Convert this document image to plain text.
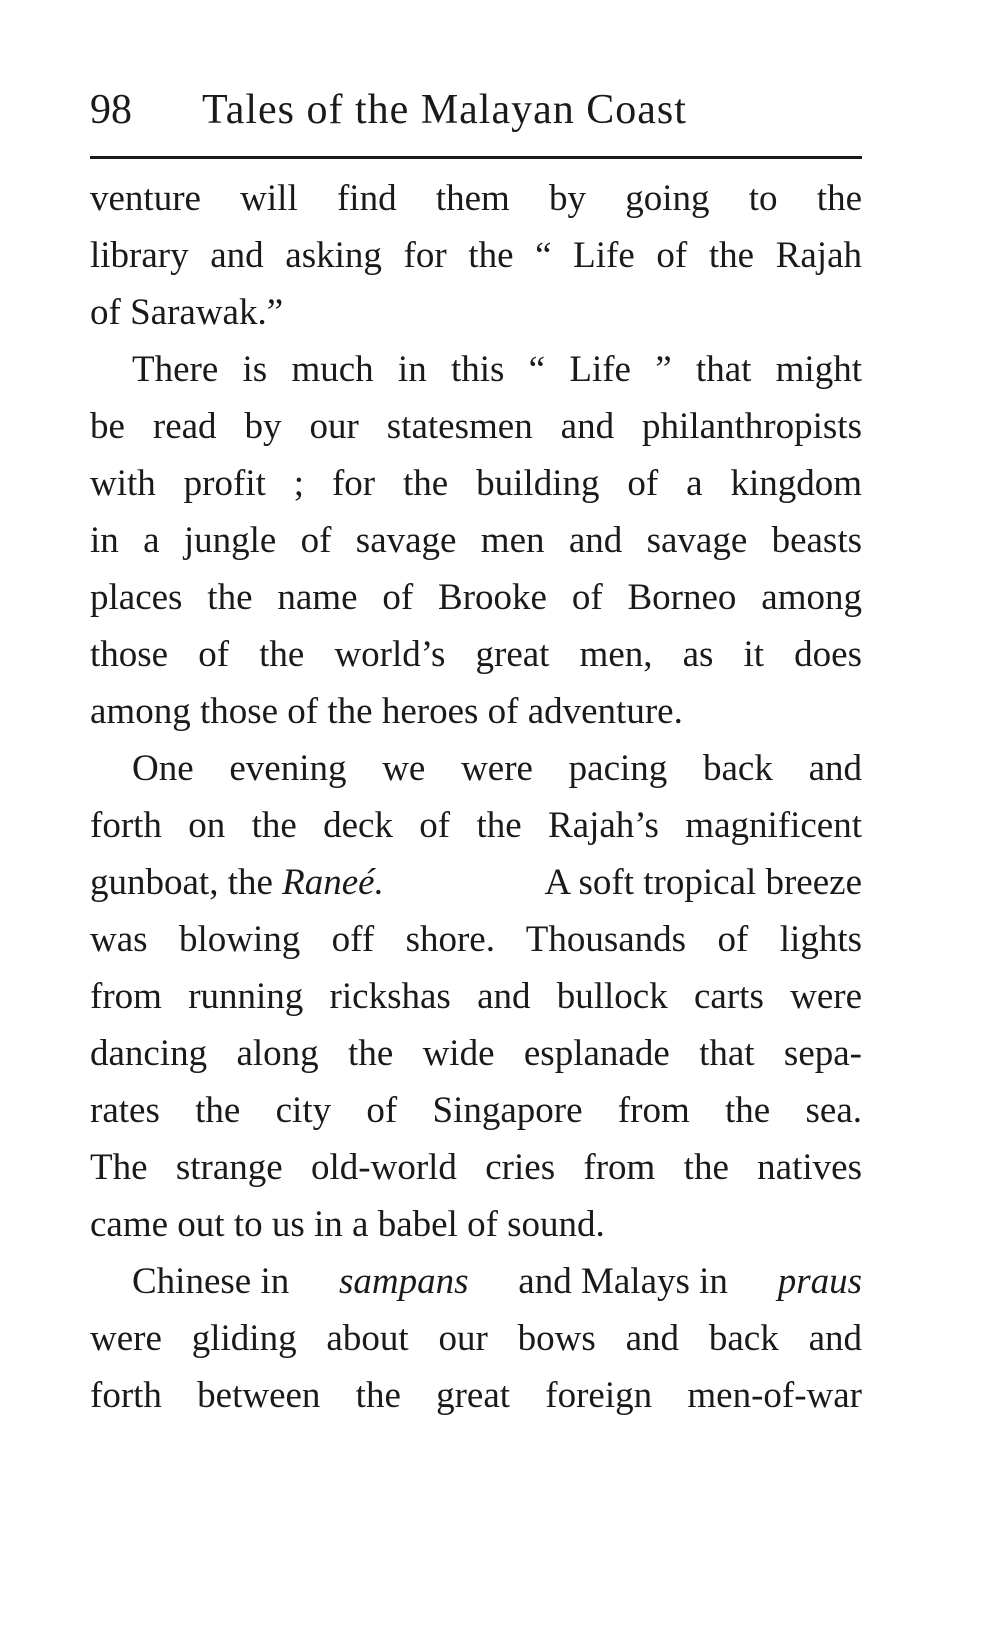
98 Tales of the Malayan Coast
venture will find them by going to the
library and asking for the “ Life of the Rajah
of Sarawak.”
There is much in this “ Life ” that might
be read by our statesmen and philanthropists
with profit ; for the building of a kingdom
in a jungle of savage men and savage beasts
places the name of Brooke of Borneo among
those of the world’s great men, as it does
among those of the heroes of adventure.
One evening we were pacing back and
forth on the deck of the Rajah’s magnificent
gunboat, the Raneé.	A soft tropical breeze
was blowing off shore. Thousands of lights
from running rickshas and bullock carts were
dancing along the wide esplanade that sepa-
rates the city of Singapore from the sea.
The strange old-world cries from the natives
came out to us in a babel of sound.
Chinese in sampans and Malays in praus
were gliding about our bows and back and
forth between the great foreign men-of-war
